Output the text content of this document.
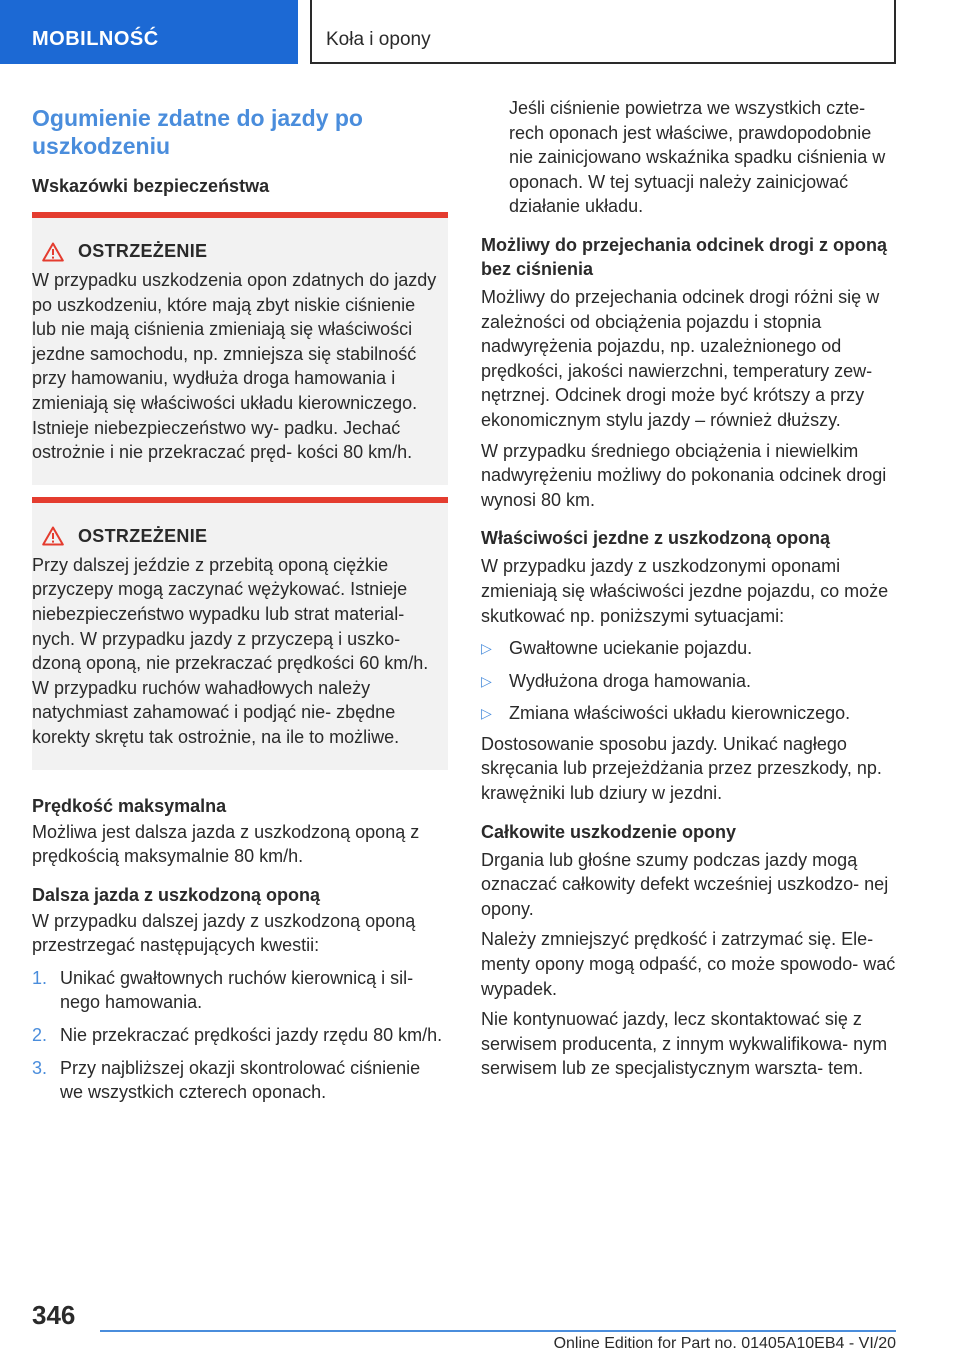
MOBILNOŚĆ	Koła i opony
Ogumienie zdatne do jazdy po uszkodzeniu
Wskazówki bezpieczeństwa
OSTRZEŻENIE

W przypadku uszkodzenia opon zdatnych do jazdy po uszkodzeniu, które mają zbyt niskie ciśnienie lub nie mają ciśnienia zmieniają się właściwości jezdne samochodu, np. zmniejsza się stabilność przy hamowaniu, wydłuża droga hamowania i zmieniają się właściwości układu kierowniczego. Istnieje niebezpieczeństwo wy- padku. Jechać ostrożnie i nie przekraczać pręd- kości 80 km/h.

OSTRZEŻENIE

Przy dalszej jeździe z przebitą oponą ciężkie przyczepy mogą zaczynać wężykować. Istnieje niebezpieczeństwo wypadku lub strat material- nych. W przypadku jazdy z przyczepą i uszko- dzoną oponą, nie przekraczać prędkości 60 km/h. W przypadku ruchów wahadłowych należy natychmiast zahamować i podjąć nie- zbędne korekty skrętu tak ostrożnie, na ile to możliwe.

Prędkość maksymalna

Możliwa jest dalsza jazda z uszkodzoną oponą z prędkością maksymalnie 80 km/h.

Dalsza jazda z uszkodzoną oponą

W przypadku dalszej jazdy z uszkodzoną oponą przestrzegać następujących kwestii:

1. Unikać gwałtownych ruchów kierownicą i sil- nego hamowania.
2. Nie przekraczać prędkości jazdy rzędu 80 km/h.
3. Przy najbliższej okazji skontrolować ciśnienie we wszystkich czterech oponach.

Jeśli ciśnienie powietrza we wszystkich czte- rech oponach jest właściwe, prawdopodobnie nie zainicjowano wskaźnika spadku ciśnienia w oponach. W tej sytuacji należy zainicjować działanie układu.

Możliwy do przejechania odcinek drogi z oponą bez ciśnienia

Możliwy do przejechania odcinek drogi różni się w zależności od obciążenia pojazdu i stopnia nadwyrężenia pojazdu, np. uzależnionego od prędkości, jakości nawierzchni, temperatury zew- nętrznej. Odcinek drogi może być krótszy a przy ekonomicznym stylu jazdy – również dłuższy.

W przypadku średniego obciążenia i niewielkim nadwyrężeniu możliwy do pokonania odcinek drogi wynosi 80 km.

Właściwości jezdne z uszkodzoną oponą

W przypadku jazdy z uszkodzonymi oponami zmieniają się właściwości jezdne pojazdu, co może skutkować np. poniższymi sytuacjami:

▷ Gwałtowne uciekanie pojazdu.
▷ Wydłużona droga hamowania.
▷ Zmiana właściwości układu kierowniczego.

Dostosowanie sposobu jazdy. Unikać nagłego skręcania lub przejeżdżania przez przeszkody, np. krawężniki lub dziury w jezdni.

Całkowite uszkodzenie opony

Drgania lub głośne szumy podczas jazdy mogą oznaczać całkowity defekt wcześniej uszkodzo- nej opony.

Należy zmniejszyć prędkość i zatrzymać się. Ele- menty opony mogą odpaść, co może spowodo- wać wypadek.

Nie kontynuować jazdy, lecz skontaktować się z serwisem producenta, z innym wykwalifikowa- nym serwisem lub ze specjalistycznym warszta- tem.

346
Online Edition for Part no. 01405A10EB4 - VI/20
